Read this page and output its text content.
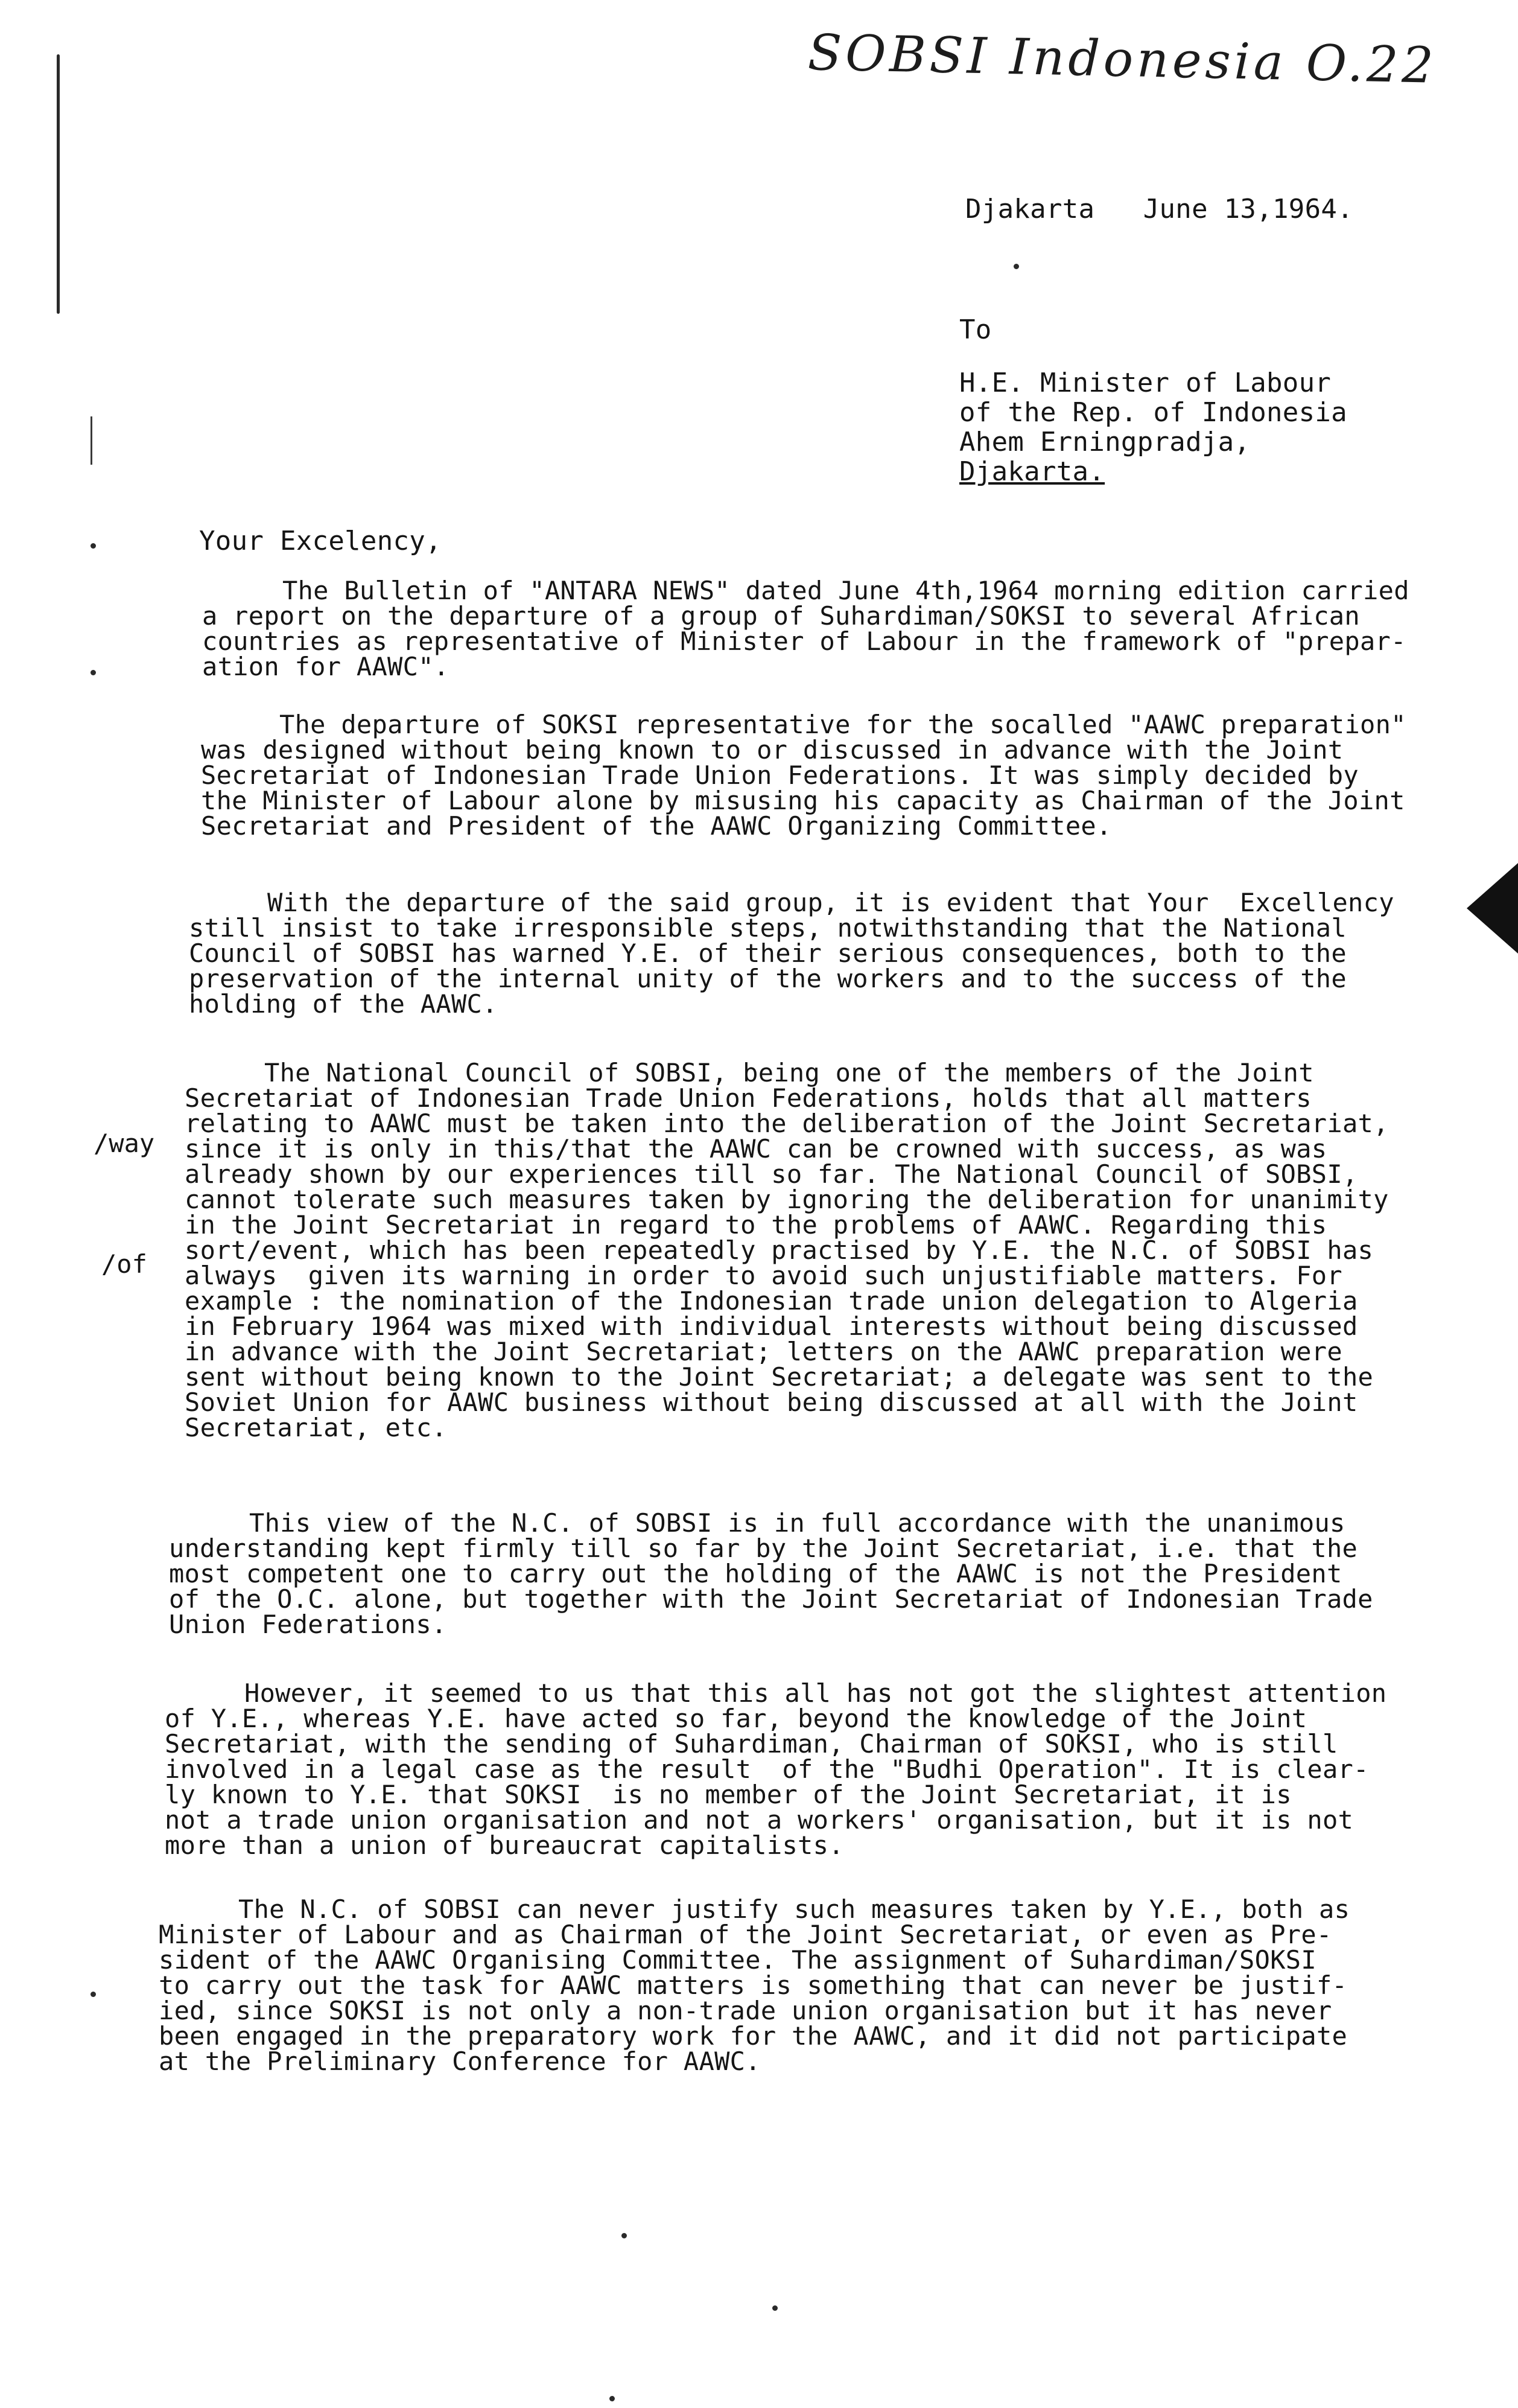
SOBSI Indonesia O.22
Djakarta   June 13,1964.
To
H.E. Minister of Labour
of the Rep. of Indonesia
Ahem Erningpradja,
Djakarta.
Your Excelency,
/way
/of
The Bulletin of "ANTARA NEWS" dated June 4th,1964 morning edition carried
a report on the departure of a group of Suhardiman/SOKSI to several African
countries as representative of Minister of Labour in the framework of "prepar-
ation for AAWC".
The departure of SOKSI representative for the socalled "AAWC preparation"
was designed without being known to or discussed in advance with the Joint
Secretariat of Indonesian Trade Union Federations. It was simply decided by
the Minister of Labour alone by misusing his capacity as Chairman of the Joint
Secretariat and President of the AAWC Organizing Committee.
With the departure of the said group, it is evident that Your  Excellency
still insist to take irresponsible steps, notwithstanding that the National
Council of SOBSI has warned Y.E. of their serious consequences, both to the
preservation of the internal unity of the workers and to the success of the
holding of the AAWC.
The National Council of SOBSI, being one of the members of the Joint
Secretariat of Indonesian Trade Union Federations, holds that all matters
relating to AAWC must be taken into the deliberation of the Joint Secretariat,
since it is only in this/that the AAWC can be crowned with success, as was
already shown by our experiences till so far. The National Council of SOBSI,
cannot tolerate such measures taken by ignoring the deliberation for unanimity
in the Joint Secretariat in regard to the problems of AAWC. Regarding this
sort/event, which has been repeatedly practised by Y.E. the N.C. of SOBSI has
always  given its warning in order to avoid such unjustifiable matters. For
example : the nomination of the Indonesian trade union delegation to Algeria
in February 1964 was mixed with individual interests without being discussed
in advance with the Joint Secretariat; letters on the AAWC preparation were
sent without being known to the Joint Secretariat; a delegate was sent to the
Soviet Union for AAWC business without being discussed at all with the Joint
Secretariat, etc.
This view of the N.C. of SOBSI is in full accordance with the unanimous
understanding kept firmly till so far by the Joint Secretariat, i.e. that the
most competent one to carry out the holding of the AAWC is not the President
of the O.C. alone, but together with the Joint Secretariat of Indonesian Trade
Union Federations.
However, it seemed to us that this all has not got the slightest attention
of Y.E., whereas Y.E. have acted so far, beyond the knowledge of the Joint
Secretariat, with the sending of Suhardiman, Chairman of SOKSI, who is still
involved in a legal case as the result  of the "Budhi Operation". It is clear-
ly known to Y.E. that SOKSI  is no member of the Joint Secretariat, it is
not a trade union organisation and not a workers' organisation, but it is not
more than a union of bureaucrat capitalists.
The N.C. of SOBSI can never justify such measures taken by Y.E., both as
Minister of Labour and as Chairman of the Joint Secretariat, or even as Pre-
sident of the AAWC Organising Committee. The assignment of Suhardiman/SOKSI
to carry out the task for AAWC matters is something that can never be justif-
ied, since SOKSI is not only a non-trade union organisation but it has never
been engaged in the preparatory work for the AAWC, and it did not participate
at the Preliminary Conference for AAWC.
